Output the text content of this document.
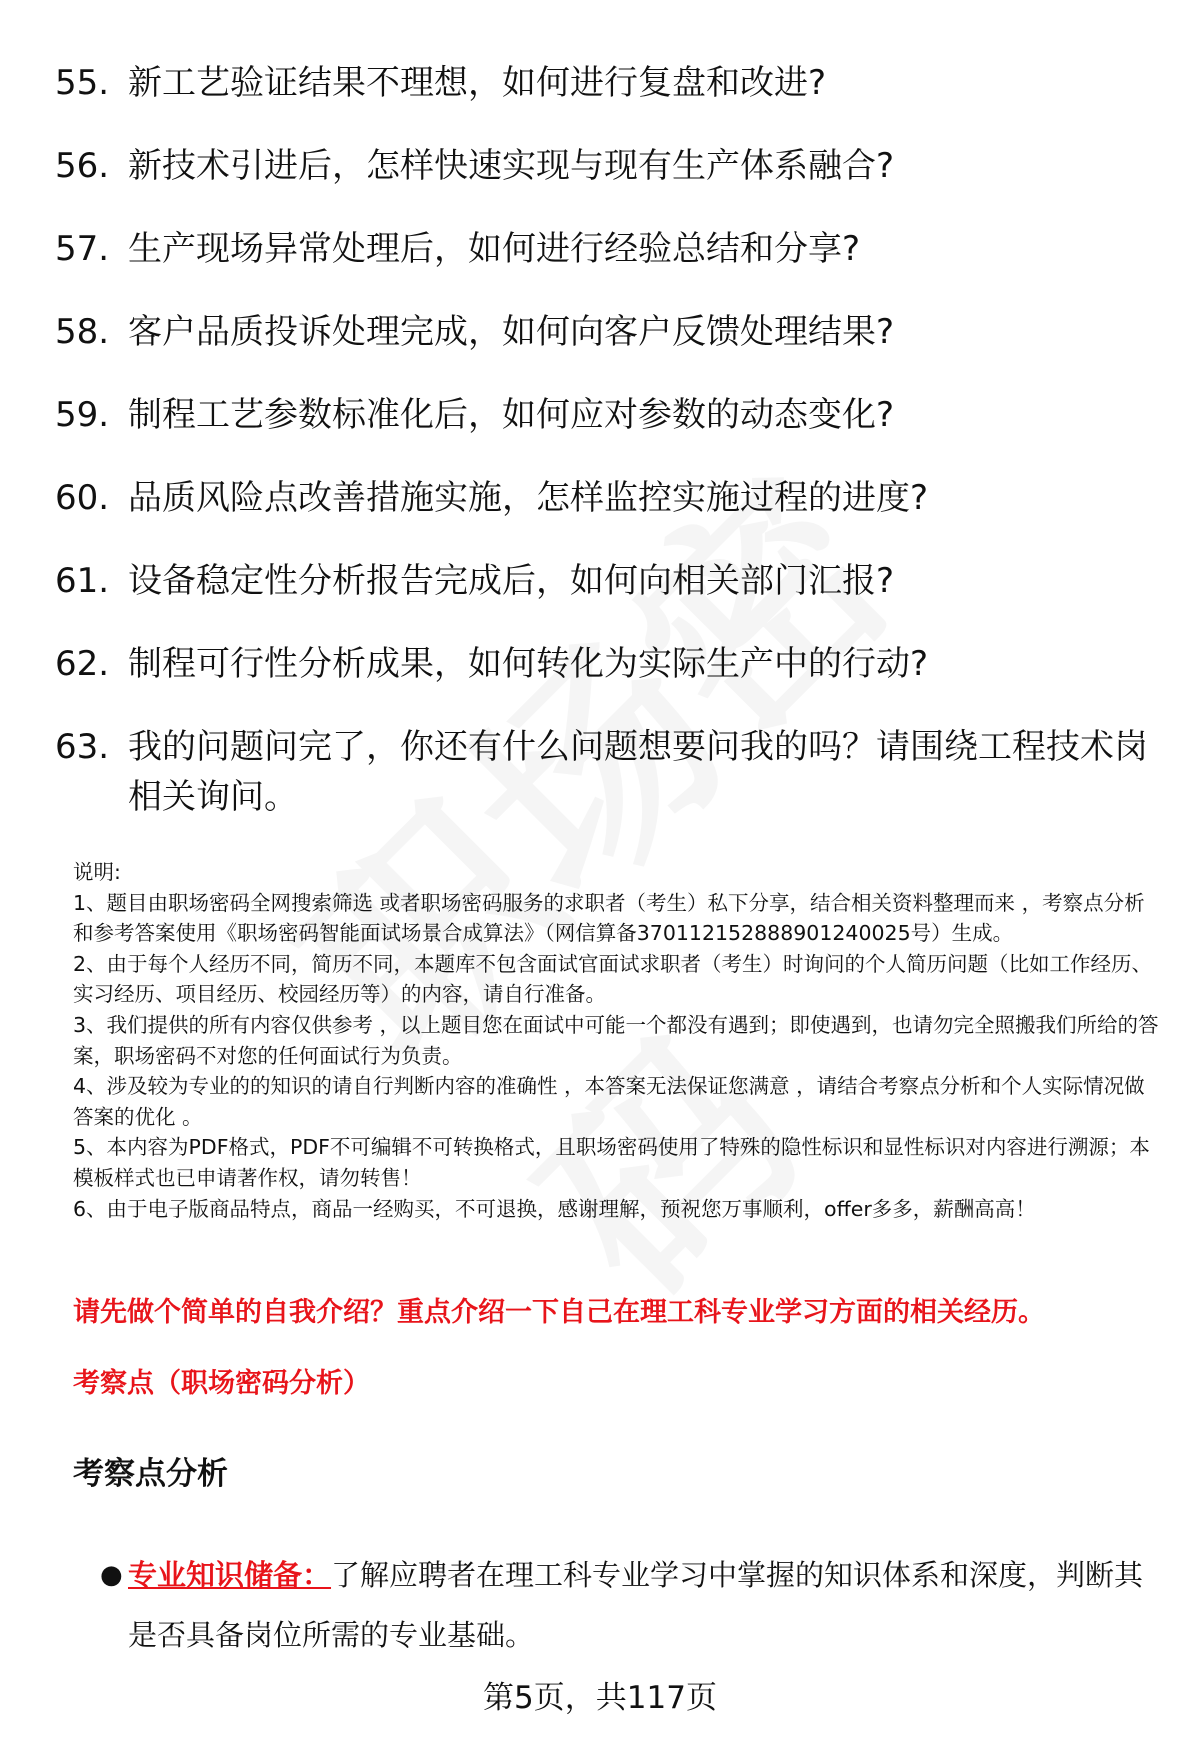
55. 新工艺验证结果不理想，如何进行复盘和改进?
56. 新技术引进后，怎样快速实现与现有生产体系融合?
57. 生产现场异常处理后，如何进行经验总结和分享?
58. 客户品质投诉处理完成，如何向客户反馈处理结果?
59. 制程工艺参数标准化后，如何应对参数的动态变化?
60. 品质风险点改善措施实施，怎样监控实施过程的进度?
61. 设备稳定性分析报告完成后，如何向相关部门汇报?
62. 制程可行性分析成果，如何转化为实际生产中的行动?
63. 我的问题问完了，你还有什么问题想要问我的吗？请围绕工程技术岗相关询问。
说明:
1、题目由职场密码全网搜索筛选 或者职场密码服务的求职者（考生）私下分享，结合相关资料整理而来 ，考察点分析和参考答案使用《职场密码智能面试场景合成算法》（网信算备370112152888901240025号）生成。
2、由于每个人经历不同，简历不同，本题库不包含面试官面试求职者（考生）时询问的个人简历问题（比如工作经历、实习经历、项目经历、校园经历等）的内容，请自行准备。
3、我们提供的所有内容仅供参考 ，以上题目您在面试中可能一个都没有遇到；即使遇到，也请勿完全照搬我们所给的答案，职场密码不对您的任何面试行为负责。
4、涉及较为专业的的知识的请自行判断内容的准确性 ，本答案无法保证您满意 ，请结合考察点分析和个人实际情况做答案的优化 。
5、本内容为PDF格式，PDF不可编辑不可转换格式，且职场密码使用了特殊的隐性标识和显性标识对内容进行溯源；本模板样式也已申请著作权，请勿转售！
6、由于电子版商品特点，商品一经购买，不可退换，感谢理解，预祝您万事顺利，offer多多，薪酬高高！
请先做个简单的自我介绍？重点介绍一下自己在理工科专业学习方面的相关经历。
考察点（职场密码分析）
考察点分析
● 专业知识储备：了解应聘者在理工科专业学习中掌握的知识体系和深度，判断其是否具备岗位所需的专业基础。
第5页，共117页
